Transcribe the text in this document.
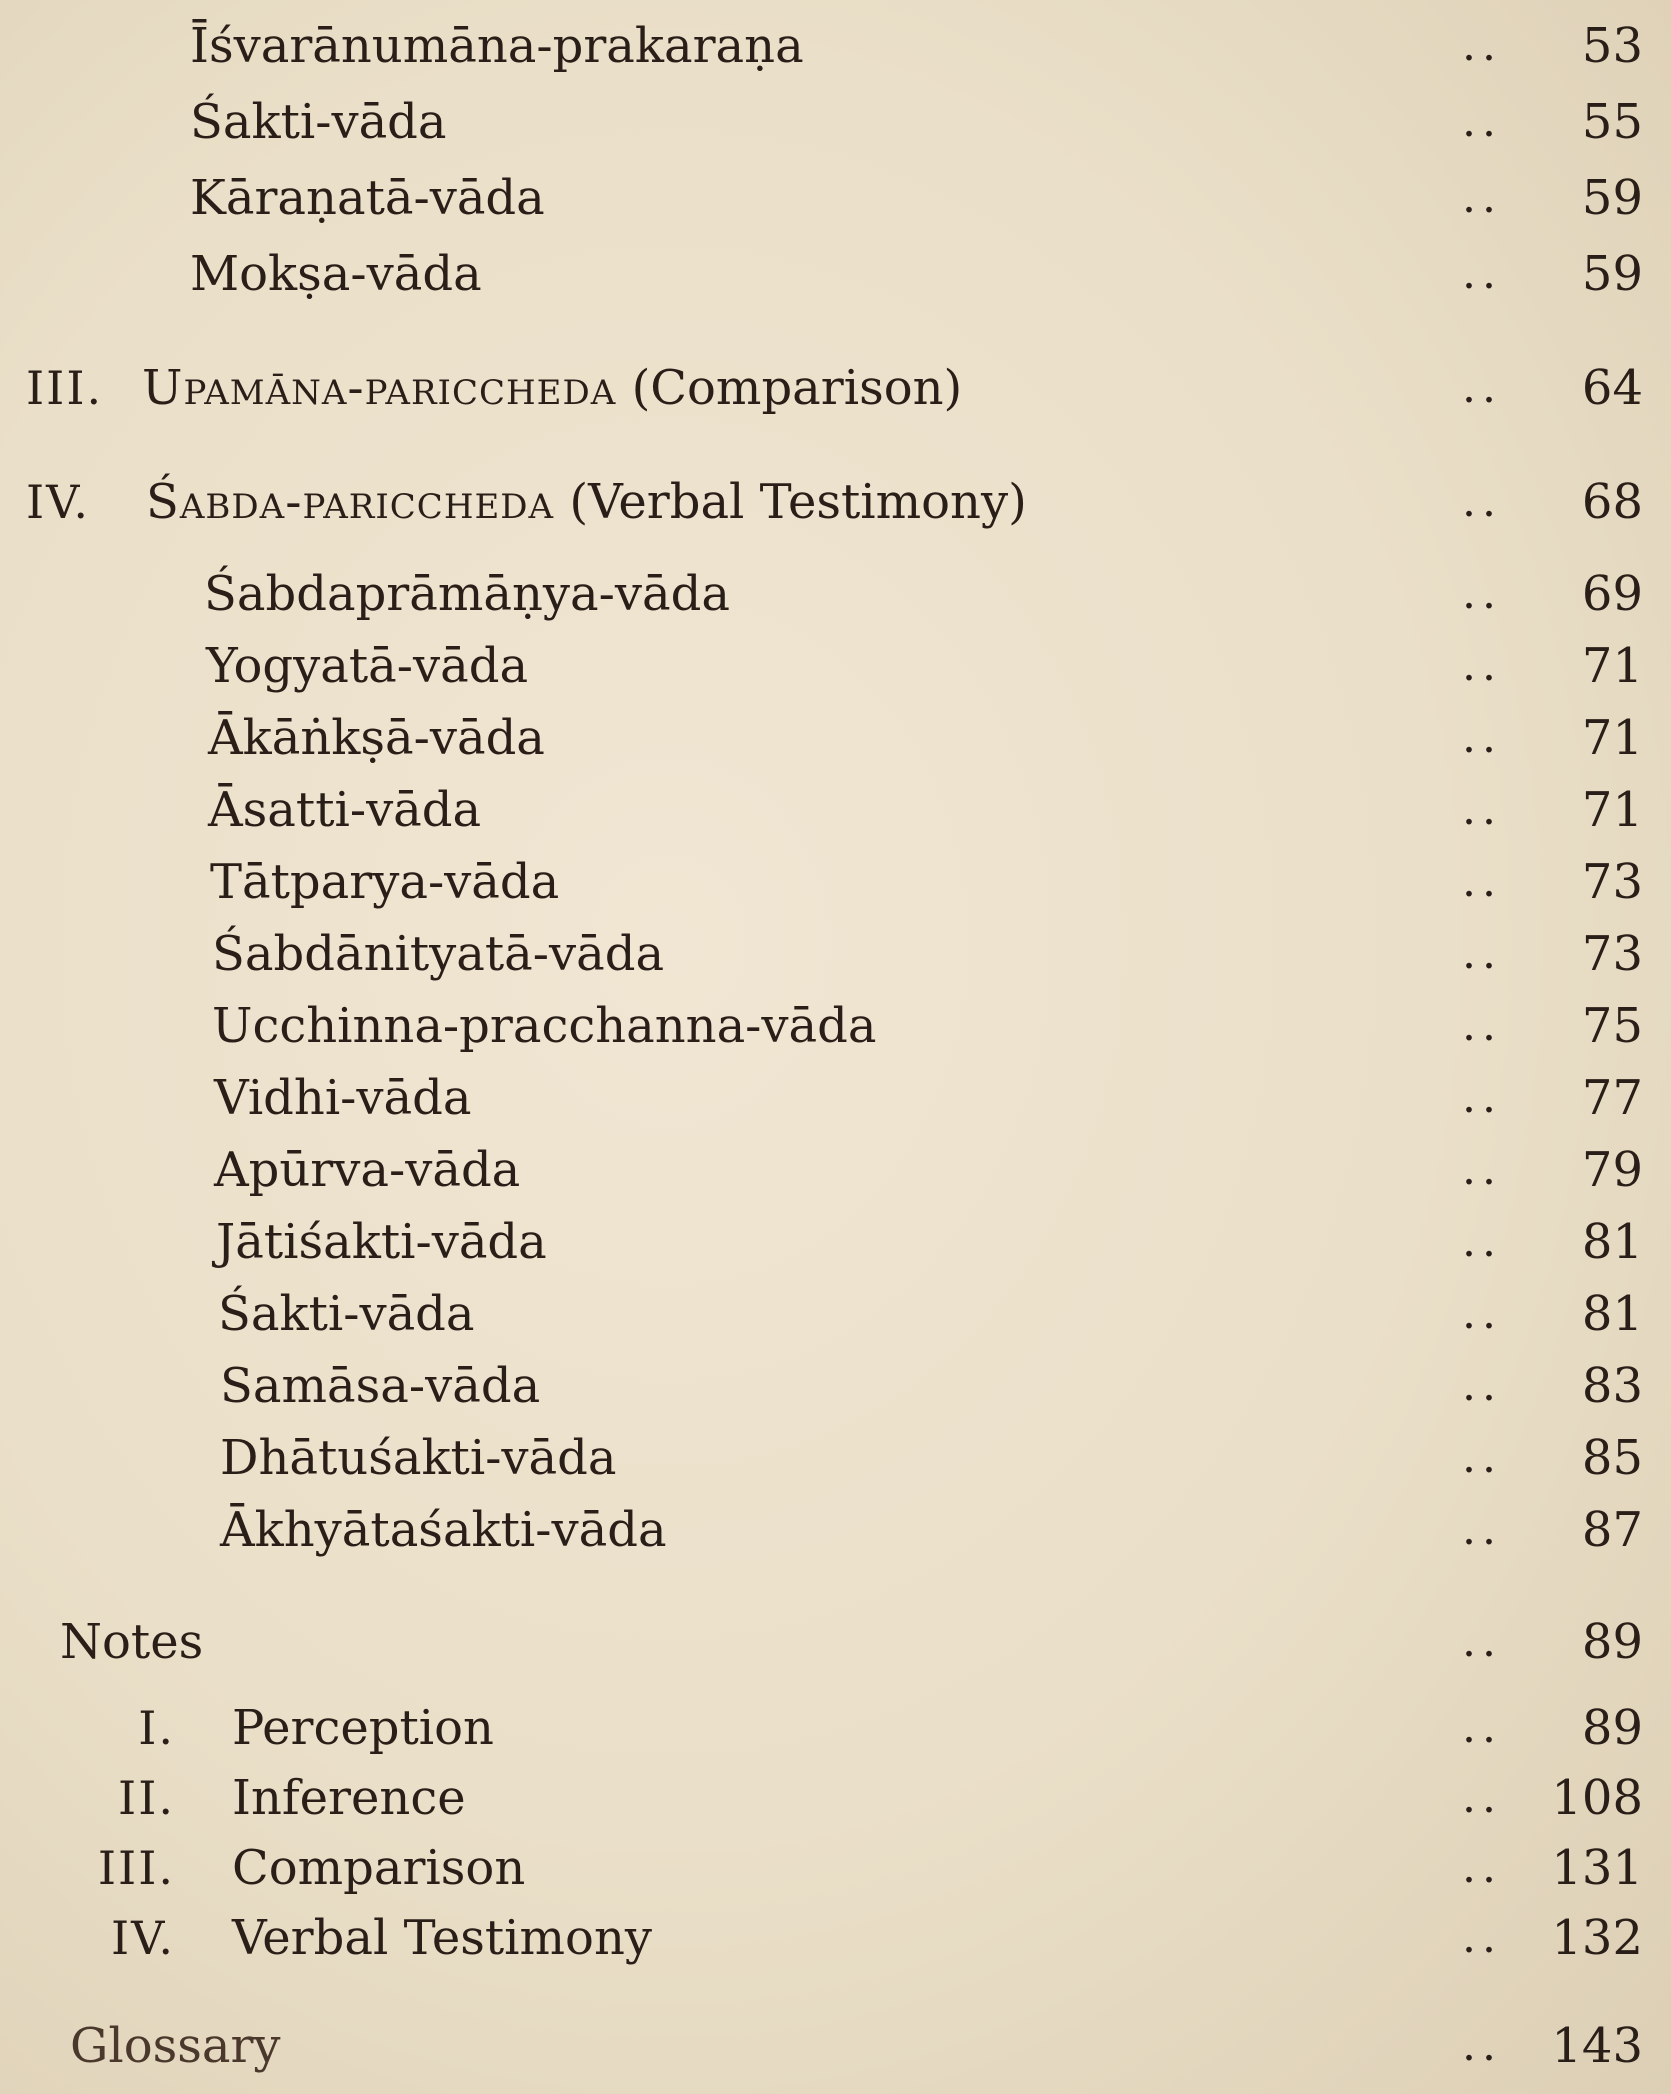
Īśvarānumāna-prakaraṇa	.. 53
Śakti-vāda	.. 55
Kāraṇatā-vāda	.. 59
Mokṣa-vāda	.. 59
III. Upamāna-pariccheda (Comparison)	.. 64
IV. Śabda-pariccheda (Verbal Testimony)	.. 68
Śabdaprāmāṇya-vāda	.. 69
Yogyatā-vāda	.. 71
Ākāṅkṣā-vāda	.. 71
Āsatti-vāda	.. 71
Tātparya-vāda	.. 73
Śabdānityatā-vāda	.. 73
Ucchinna-pracchanna-vāda	.. 75
Vidhi-vāda	.. 77
Apūrva-vāda	.. 79
Jātiśakti-vāda	.. 81
Śakti-vāda	.. 81
Samāsa-vāda	.. 83
Dhātuśakti-vāda	.. 85
Ākhyātaśakti-vāda	.. 87
Notes	.. 89
I. Perception	.. 89
II. Inference	.. 108
III. Comparison	.. 131
IV. Verbal Testimony	.. 132
Glossary	.. 143
